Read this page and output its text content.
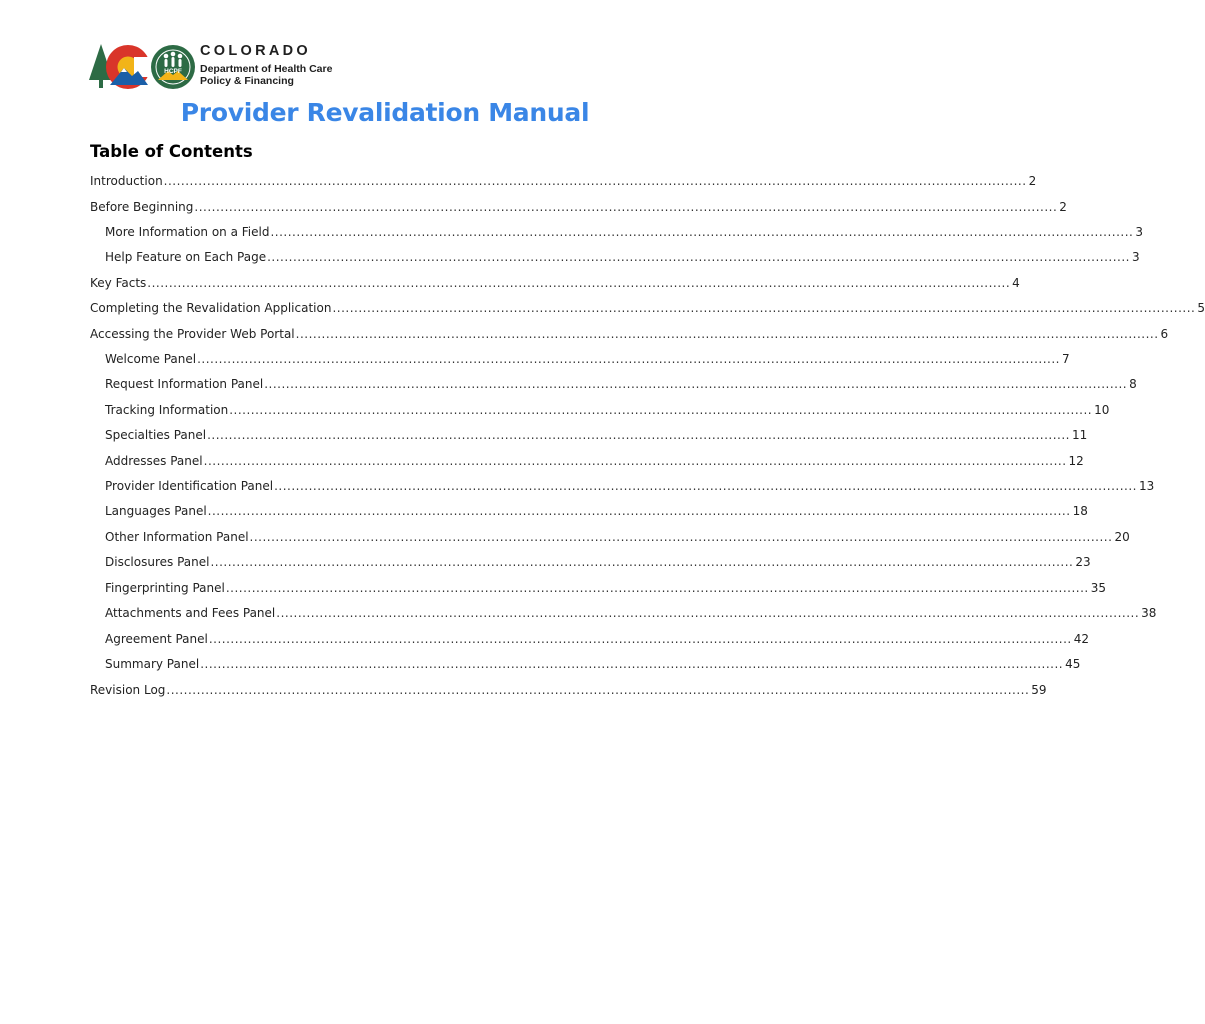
HCPF
COLORADO
Department of Health Care
Policy & Financing
Provider Revalidation Manual
Table of Contents
Introduction ........................................................................................................................................................................................................ 2
Before Beginning ........................................................................................................................................................................................................ 2
More Information on a Field ........................................................................................................................................................................................................ 3
Help Feature on Each Page ........................................................................................................................................................................................................ 3
Key Facts ........................................................................................................................................................................................................ 4
Completing the Revalidation Application ........................................................................................................................................................................................................ 5
Accessing the Provider Web Portal ........................................................................................................................................................................................................ 6
Welcome Panel ........................................................................................................................................................................................................ 7
Request Information Panel ........................................................................................................................................................................................................ 8
Tracking Information ........................................................................................................................................................................................................ 10
Specialties Panel ........................................................................................................................................................................................................ 11
Addresses Panel ........................................................................................................................................................................................................ 12
Provider Identification Panel ........................................................................................................................................................................................................ 13
Languages Panel ........................................................................................................................................................................................................ 18
Other Information Panel ........................................................................................................................................................................................................ 20
Disclosures Panel ........................................................................................................................................................................................................ 23
Fingerprinting Panel ........................................................................................................................................................................................................ 35
Attachments and Fees Panel ........................................................................................................................................................................................................ 38
Agreement Panel ........................................................................................................................................................................................................ 42
Summary Panel ........................................................................................................................................................................................................ 45
Revision Log ........................................................................................................................................................................................................ 59
